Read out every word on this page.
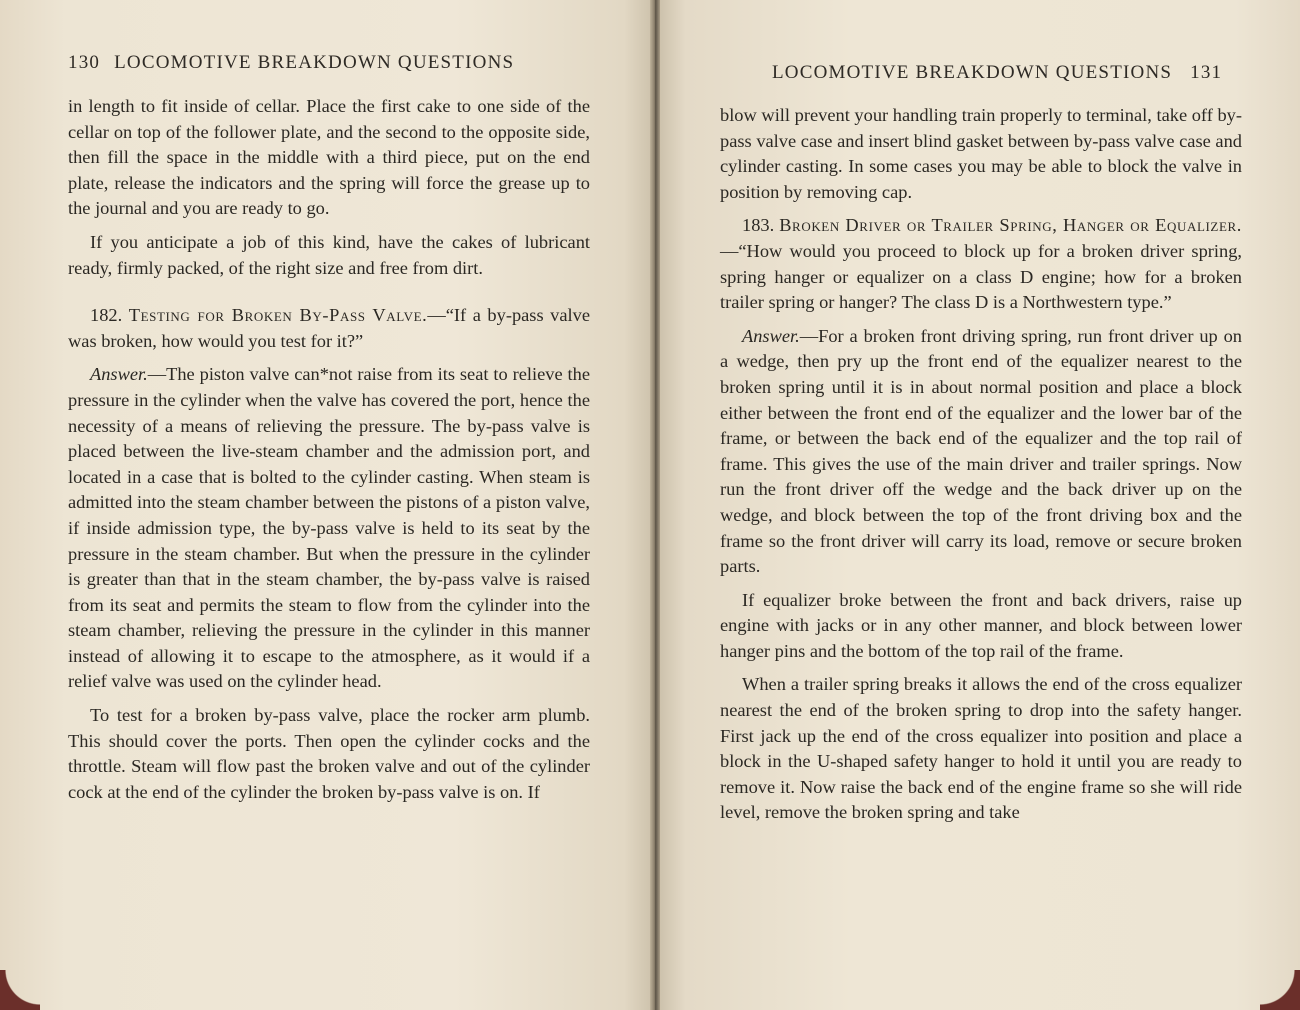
130 LOCOMOTIVE BREAKDOWN QUESTIONS

in length to fit inside of cellar. Place the first cake to one side of the cellar on top of the follower plate, and the second to the opposite side, then fill the space in the middle with a third piece, put on the end plate, release the indicators and the spring will force the grease up to the journal and you are ready to go.

If you anticipate a job of this kind, have the cakes of lubricant ready, firmly packed, of the right size and free from dirt.

182. Testing for Broken By-Pass Valve.—“If a by-pass valve was broken, how would you test for it?”

Answer.—The piston valve can*not raise from its seat to relieve the pressure in the cylinder when the valve has covered the port, hence the necessity of a means of relieving the pressure. The by-pass valve is placed between the live-steam chamber and the admission port, and located in a case that is bolted to the cylinder casting. When steam is admitted into the steam chamber between the pistons of a piston valve, if inside admission type, the by-pass valve is held to its seat by the pressure in the steam chamber. But when the pressure in the cylinder is greater than that in the steam chamber, the by-pass valve is raised from its seat and permits the steam to flow from the cylinder into the steam chamber, relieving the pressure in the cylinder in this manner instead of allowing it to escape to the atmosphere, as it would if a relief valve was used on the cylinder head.

To test for a broken by-pass valve, place the rocker arm plumb. This should cover the ports. Then open the cylinder cocks and the throttle. Steam will flow past the broken valve and out of the cylinder cock at the end of the cylinder the broken by-pass valve is on. If

LOCOMOTIVE BREAKDOWN QUESTIONS 131

blow will prevent your handling train properly to terminal, take off by-pass valve case and insert blind gasket between by-pass valve case and cylinder casting. In some cases you may be able to block the valve in position by removing cap.

183. Broken Driver or Trailer Spring, Hanger or Equalizer.—“How would you proceed to block up for a broken driver spring, spring hanger or equalizer on a class D engine; how for a broken trailer spring or hanger? The class D is a Northwestern type.”

Answer.—For a broken front driving spring, run front driver up on a wedge, then pry up the front end of the equalizer nearest to the broken spring until it is in about normal position and place a block either between the front end of the equalizer and the lower bar of the frame, or between the back end of the equalizer and the top rail of frame. This gives the use of the main driver and trailer springs. Now run the front driver off the wedge and the back driver up on the wedge, and block between the top of the front driving box and the frame so the front driver will carry its load, remove or secure broken parts.

If equalizer broke between the front and back drivers, raise up engine with jacks or in any other manner, and block between lower hanger pins and the bottom of the top rail of the frame.

When a trailer spring breaks it allows the end of the cross equalizer nearest the end of the broken spring to drop into the safety hanger. First jack up the end of the cross equalizer into position and place a block in the U-shaped safety hanger to hold it until you are ready to remove it. Now raise the back end of the engine frame so she will ride level, remove the broken spring and take
